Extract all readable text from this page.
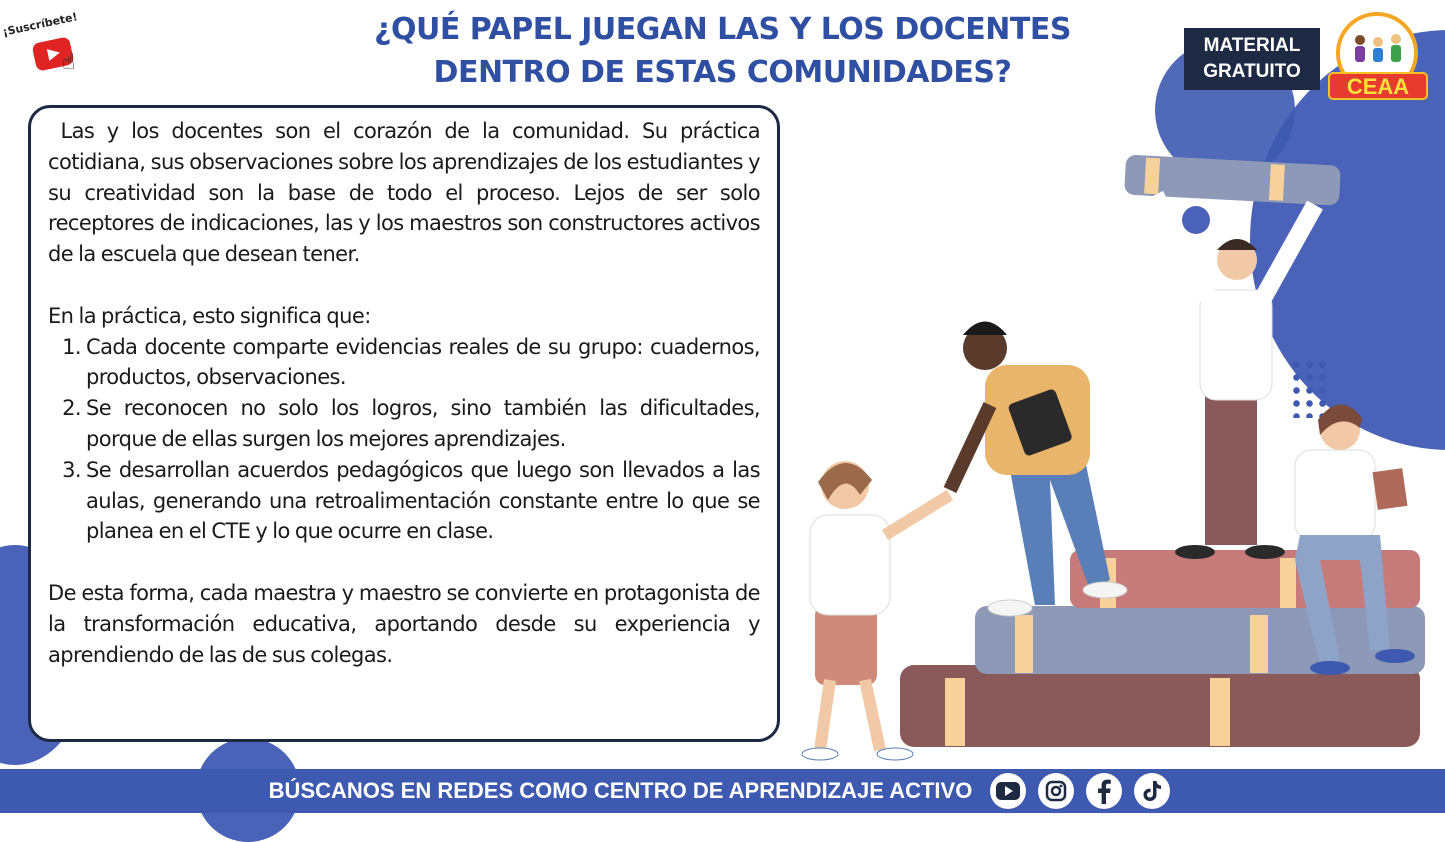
¡Suscríbete!
☝
¿QUÉ PAPEL JUEGAN LAS Y LOS DOCENTES
DENTRO DE ESTAS COMUNIDADES?
MATERIAL
GRATUITO
CEAA

Las y los docentes son el corazón de la comunidad. Su práctica cotidiana, sus observaciones sobre los aprendizajes de los estudiantes y su creatividad son la base de todo el proceso. Lejos de ser solo receptores de indicaciones, las y los maestros son constructores activos de la escuela que desean tener.

En la práctica, esto significa que:

1. Cada docente comparte evidencias reales de su grupo: cuadernos, productos, observaciones.
2. Se reconocen no solo los logros, sino también las dificultades, porque de ellas surgen los mejores aprendizajes.
3. Se desarrollan acuerdos pedagógicos que luego son llevados a las aulas, generando una retroalimentación constante entre lo que se planea en el CTE y lo que ocurre en clase.

De esta forma, cada maestra y maestro se convierte en protagonista de la transformación educativa, aportando desde su experiencia y aprendiendo de las de sus colegas.

BÚSCANOS EN REDES COMO CENTRO DE APRENDIZAJE ACTIVO
